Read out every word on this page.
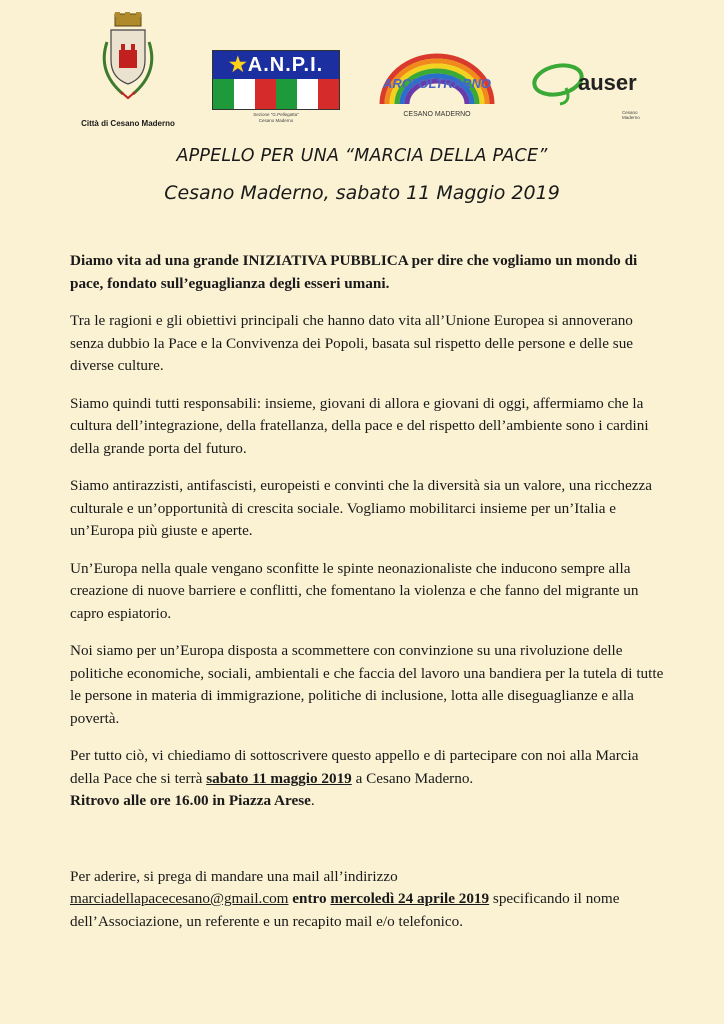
Città di Cesano Maderno
★A.N.P.I.
Sezione "G.Pellegatta"
Cesano Maderno
ARCI OLTRARNO
CESANO MADERNO
auser
Cesano Maderno
APPELLO PER UNA “MARCIA DELLA PACE”
Cesano Maderno, sabato 11 Maggio 2019

Diamo vita ad una grande INIZIATIVA PUBBLICA per dire che vogliamo un mondo di pace, fondato sull’eguaglianza degli esseri umani.

Tra le ragioni e gli obiettivi principali che hanno dato vita all’Unione Europea si annoverano senza dubbio la Pace e la Convivenza dei Popoli, basata sul rispetto delle persone e delle sue diverse culture.

Siamo quindi tutti responsabili: insieme, giovani di allora e giovani di oggi, affermiamo che la cultura dell’integrazione, della fratellanza, della pace e del rispetto dell’ambiente sono i cardini della grande porta del futuro.

Siamo antirazzisti, antifascisti, europeisti e convinti che la diversità sia un valore, una ricchezza culturale e un’opportunità di crescita sociale. Vogliamo mobilitarci insieme per un’Italia e un’Europa più giuste e aperte.

Un’Europa nella quale vengano sconfitte le spinte neonazionaliste che inducono sempre alla creazione di nuove barriere e conflitti, che fomentano la violenza e che fanno del migrante un capro espiatorio.

Noi siamo per un’Europa disposta a scommettere con convinzione su una rivoluzione delle politiche economiche, sociali, ambientali e che faccia del lavoro una bandiera per la tutela di tutte le persone in materia di immigrazione, politiche di inclusione, lotta alle diseguaglianze e alla povertà.

Per tutto ciò, vi chiediamo di sottoscrivere questo appello e di partecipare con noi alla Marcia della Pace che si terrà sabato 11 maggio 2019 a Cesano Maderno.
Ritrovo alle ore 16.00 in Piazza Arese.

Per aderire, si prega di mandare una mail all’indirizzo
marciadellapacecesano@gmail.com entro mercoledì 24 aprile 2019 specificando il nome dell’Associazione, un referente e un recapito mail e/o telefonico.
